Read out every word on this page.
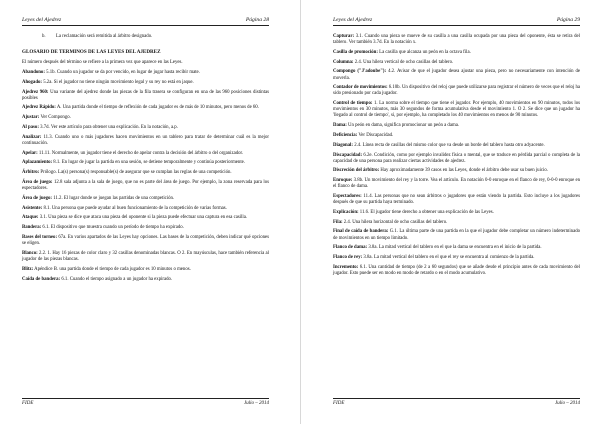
Leyes del Ajedrez	Página 28
b. La reclamación será remitida al árbitro designado.
GLOSARIO DE TERMINOS DE LAS LEYES DEL AJEDREZ

El número después del término se refiere a la primera vez que aparece en las Leyes.

Abandono: 5.1b. Cuando un jugador se da por vencido, en lugar de jugar hasta recibir mate.

Ahogado: 5.2a. Si el jugador no tiene ningún movimiento legal y su rey no está en jaque.

Ajedrez 960: Una variante del ajedrez donde las piezas de la fila trasera se configuran en una de las 960 posiciones distintas posibles

Ajedrez Rápido: A. Una partida donde el tiempo de reflexión de cada jugador es de más de 10 minutos, pero menos de 60.

Ajustar: Ver Compongo.

Al paso: 3.7d. Ver este artículo para obtener una explicación. En la notación, a.p.

Analizar: 11.3. Cuando uno o más jugadores hacen movimientos en un tablero para tratar de determinar cuál es la mejor continuación.

Apelar: 11.11. Normalmente, un jugador tiene el derecho de apelar contra la decisión del árbitro o del organizador.

Aplazamiento: 8.1. En lugar de jugar la partida en una sesión, se detiene temporalmente y continúa posteriormente.

Árbitro: Prólogo. La(s) persona(s) responsable(s) de asegurar que se cumplan las reglas de una competición.

Área de juego: 12.8 sala adjunta a la sala de juego, que no es parte del área de juego. Por ejemplo, la zona reservada para los espectadores.

Área de juego: 11.2. El lugar donde se juegan las partidas de una competición.

Asistente: 8.1. Una persona que puede ayudar al buen funcionamiento de la competición de varias formas.

Ataque: 3.1. Una pieza se dice que ataca una pieza del oponente si la pieza puede efectuar una captura en esa casilla.

Bandera: 6.1. El dispositivo que muestra cuando un período de tiempo ha expirado.

Bases del torneo: 67a. En varios apartados de las Leyes hay opciones. Las bases de la competición, deben indicar qué opciones se eligen.

Blanco: 2.2. 1. Hay 16 piezas de color claro y 32 casillas denominadas blancas. O 2. En mayúsculas, hace también referencia al jugador de las piezas blancas.

Blitz: Apéndice B. una partida donde el tiempo de cada jugador es 10 minutos o menos.

Caída de bandera: 6.1. Cuando el tiempo asignado a un jugador ha expirado.

FIDE	Julio – 2014
Leyes del Ajedrez	Página 29

Capturar: 3.1. Cuando una pieza se mueve de su casilla a una casilla ocupada por una pieza del oponente, ésta se retira del tablero. Ver también 3.7d. En la notación x.

Casilla de promoción: La casilla que alcanza un peón en la octava fila.

Columna: 2.4. Una hilera vertical de ocho casillas del tablero.

Compongo ("J'adoube"): 4.2. Avisar de que el jugador desea ajustar una pieza, pero no necesariamente con intención de moverla.

Contador de movimientos: 6.10b. Un dispositivo del reloj que puede utilizarse para registrar el número de veces que el reloj ha sido presionado por cada jugador.

Control de tiempo: 1. La norma sobre el tiempo que tiene el jugador. Por ejemplo, 40 movimientos en 90 minutos, todos los movimientos en 30 minutos, más 30 segundos de forma acumulativa desde el movimiento 1. O 2. Se dice que un jugador ha 'llegado al control de tiempo', si, por ejemplo, ha completado los 40 movimientos en menos de 90 minutos.

Dama: Un peón en dama, significa promocionar un peón a dama.

Deficiencia: Ver Discapacidad.

Diagonal: 2.4. Línea recta de casillas del mismo color que va desde un borde del tablero hasta otro adyacente.

Discapacidad: 6.2e. Condición, como por ejemplo invalidez física o mental, que se traduce en pérdida parcial o completa de la capacidad de una persona para realizar ciertas actividades de ajedrez.

Discreción del árbitro: Hay aproximadamente 39 casos en las Leyes, donde el árbitro debe usar su buen juicio.

Enroque: 3.8b. Un movimiento del rey y la torre. Vea el artículo. En notación 0-0 enroque en el flanco de rey, 0-0-0 enroque en el flanco de dama.

Espectadores: 11.4. Las personas que no sean árbitros o jugadores que están viendo la partida. Esto incluye a los jugadores después de que su partida haya terminado.

Explicación: 11.6. El jugador tiene derecho a obtener una explicación de las Leyes.

Fila: 2.4. Una hilera horizontal de ocho casillas del tablero.

Final de caída de bandera: G.1. La última parte de una partida en la que el jugador debe completar un número indeterminado de movimientos en un tiempo limitado.

Flanco de dama: 3.8a. La mitad vertical del tablero en el que la dama se encuentra en el inicio de la partida.

Flanco de rey: 3.8a. La mitad vertical del tablero en el que el rey se encuentra al comienzo de la partida.

Incremento: 6.1. Una cantidad de tiempo (de 2 a 60 segundos) que se añade desde el principio antes de cada movimiento del jugador. Esto puede ser en modo en modo de retardo o en el modo acumulativo.

FIDE	Julio – 2014
